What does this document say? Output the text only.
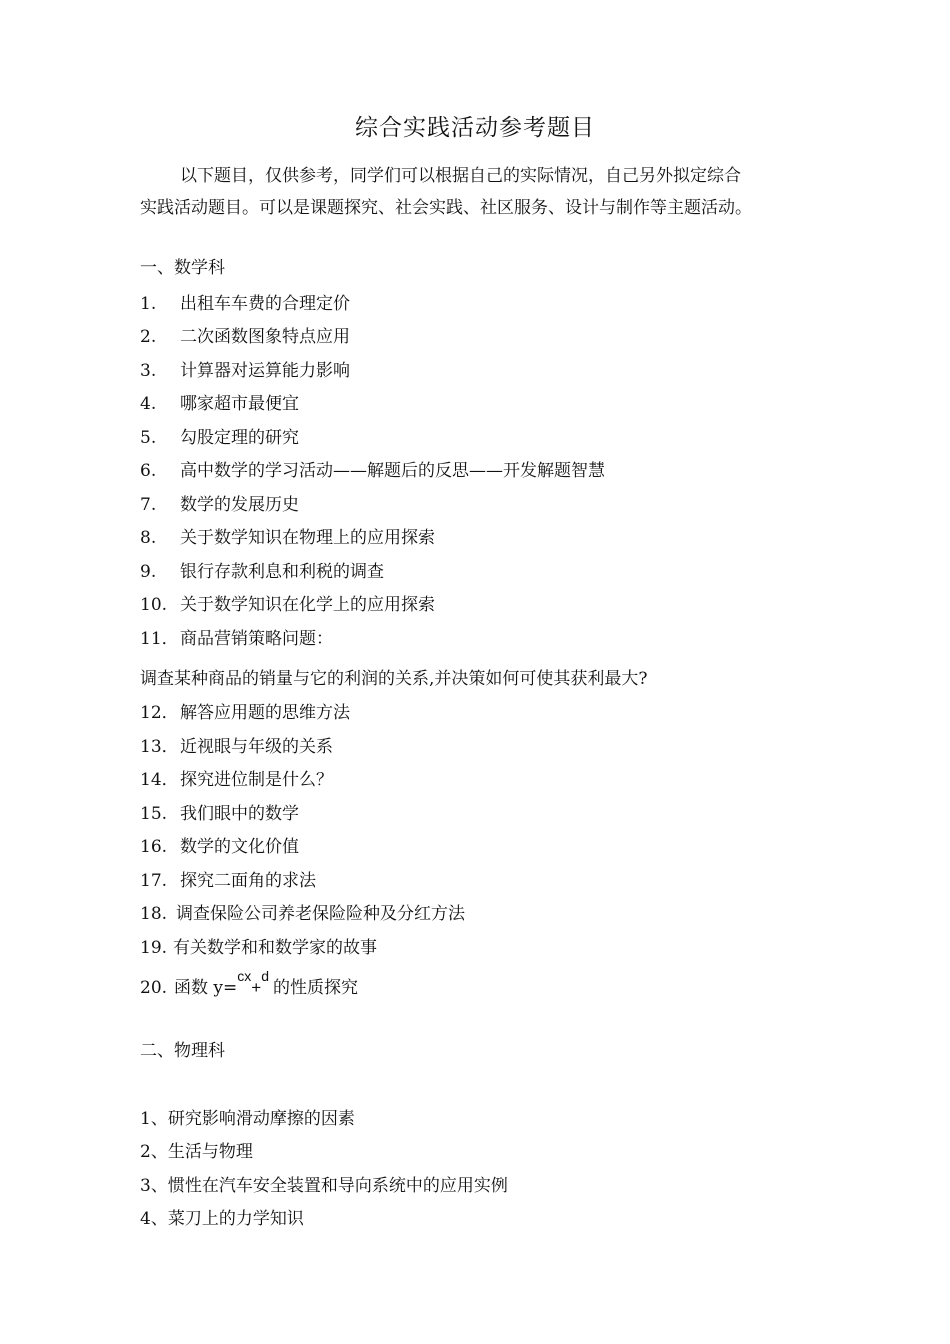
综合实践活动参考题目
以下题目，仅供参考，同学们可以根据自己的实际情况，自己另外拟定综合
实践活动题目。可以是课题探究、社会实践、社区服务、设计与制作等主题活动。
一、数学科
1. 出租车车费的合理定价
2. 二次函数图象特点应用
3. 计算器对运算能力影响
4. 哪家超市最便宜
5. 勾股定理的研究
6. 高中数学的学习活动——解题后的反思——开发解题智慧
7. 数学的发展历史
8. 关于数学知识在物理上的应用探索
9. 银行存款利息和利税的调查
10. 关于数学知识在化学上的应用探索
11．商品营销策略问题：
调查某种商品的销量与它的利润的关系,并决策如何可使其获利最大?
12．解答应用题的思维方法
13．近视眼与年级的关系
14．探究进位制是什么？
15. 我们眼中的数学
16. 数学的文化价值
17. 探究二面角的求法
18. 调查保险公司养老保险险种及分红方法
19. 有关数学和和数学家的故事
20. 函数 y=$^{cx}$+$^d$的性质探究
二、物理科
1、研究影响滑动摩擦的因素
2、生活与物理
3、惯性在汽车安全装置和导向系统中的应用实例
4、菜刀上的力学知识
